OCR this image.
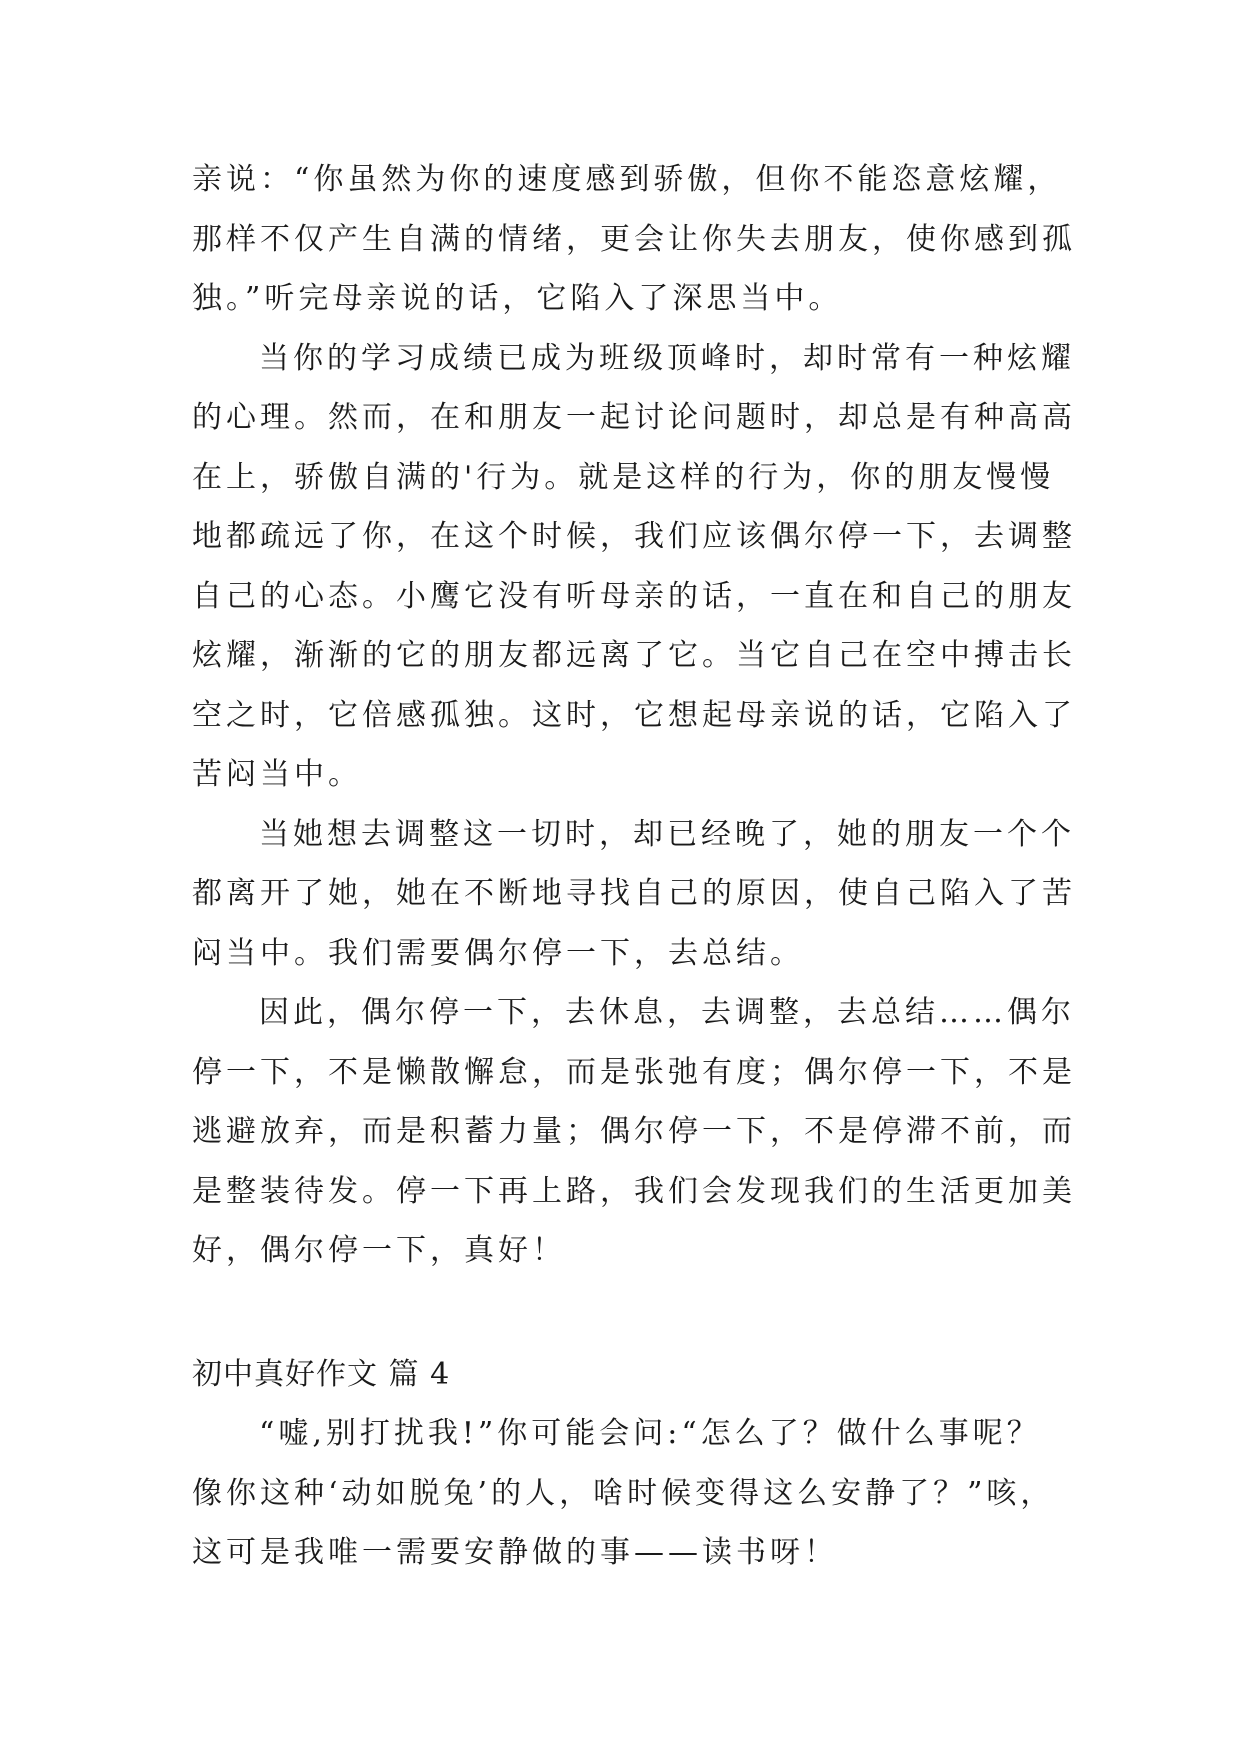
亲说：“你虽然为你的速度感到骄傲，但你不能恣意炫耀，
那样不仅产生自满的情绪，更会让你失去朋友，使你感到孤
独。”听完母亲说的话，它陷入了深思当中。
当你的学习成绩已成为班级顶峰时，却时常有一种炫耀
的心理。然而，在和朋友一起讨论问题时，却总是有种高高
在上，骄傲自满的'行为。就是这样的行为，你的朋友慢慢
地都疏远了你，在这个时候，我们应该偶尔停一下，去调整
自己的心态。小鹰它没有听母亲的话，一直在和自己的朋友
炫耀，渐渐的它的朋友都远离了它。当它自己在空中搏击长
空之时，它倍感孤独。这时，它想起母亲说的话，它陷入了
苦闷当中。
当她想去调整这一切时，却已经晚了，她的朋友一个个
都离开了她，她在不断地寻找自己的原因，使自己陷入了苦
闷当中。我们需要偶尔停一下，去总结。
因此，偶尔停一下，去休息，去调整，去总结……偶尔
停一下，不是懒散懈怠，而是张弛有度；偶尔停一下，不是
逃避放弃，而是积蓄力量；偶尔停一下，不是停滞不前，而
是整装待发。停一下再上路，我们会发现我们的生活更加美
好，偶尔停一下，真好！
初中真好作文 篇 4
“嘘,别打扰我!”你可能会问:“怎么了？做什么事呢？
像你这种‘动如脱兔’的人，啥时候变得这么安静了？”咳，
这可是我唯一需要安静做的事——读书呀！
